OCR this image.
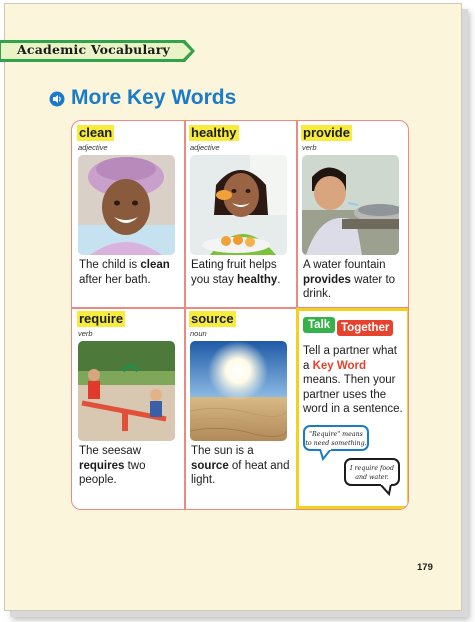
Academic Vocabulary
More Key Words
clean
adjective
The child is clean after her bath.
healthy
adjective
Eating fruit helps you stay healthy.
provide
verb
A water fountain provides water to drink.
require
verb
The seesaw requires two people.
source
noun
The sun is a source of heat and light.
Together
Talk
Tell a partner what a Key Word means. Then your partner uses the word in a sentence.
"Require" means to need something.
I require food and water.
179
